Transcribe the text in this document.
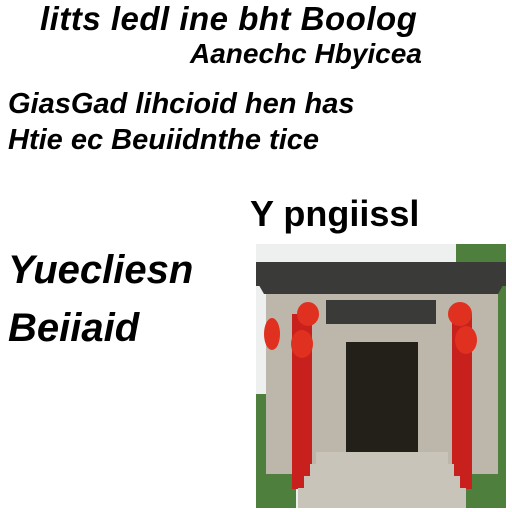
litts ledl ine bht Boolog
Aanechc Hbyicea
GiasGad lihcioid hen has
Htie ec Beuiidnthe tice
Y pngiissl
Yuecliesn
Beiiaid
